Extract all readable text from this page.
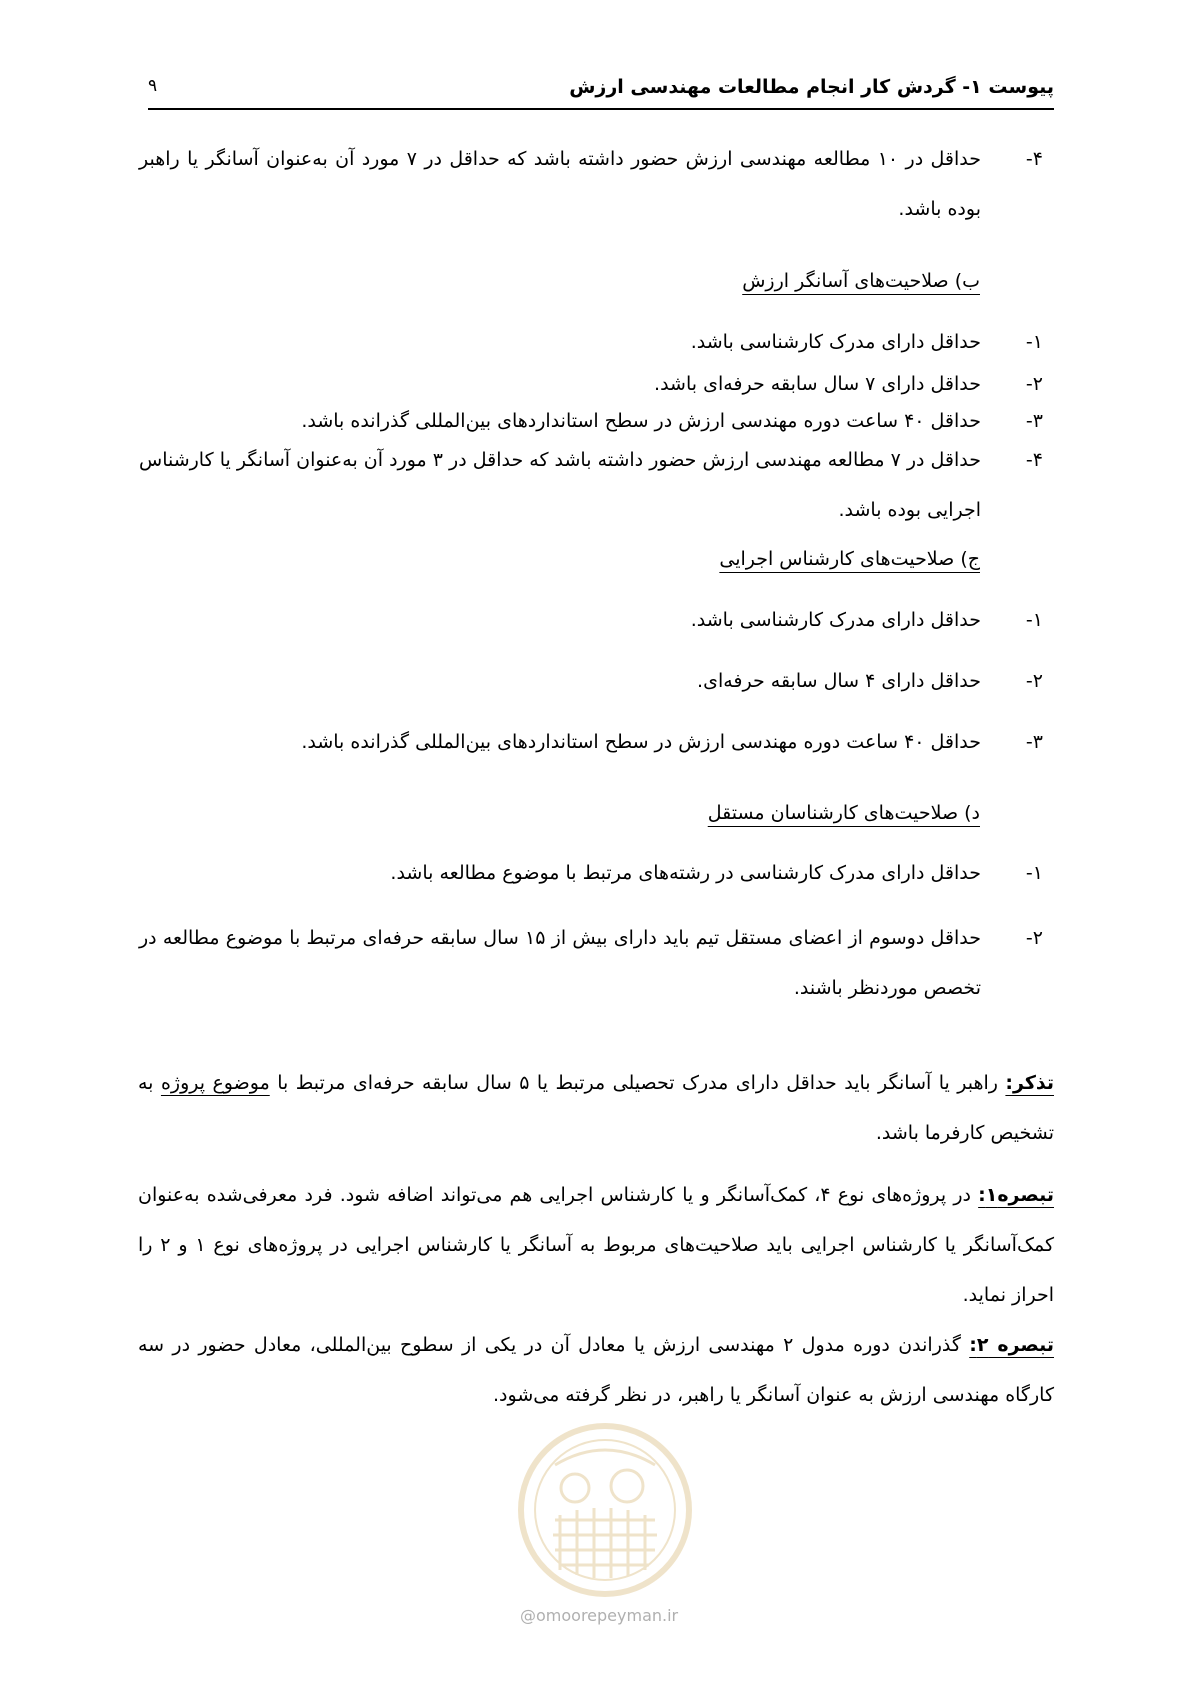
پیوست ۱- گردش کار انجام مطالعات مهندسی ارزش
۹
۴-
حداقل در ۱۰ مطالعه مهندسی ارزش حضور داشته باشد که حداقل در ۷ مورد آن به‌عنوان آسانگر یا راهبر بوده باشد.
ب) صلاحیت‌های آسانگر ارزش
۱-
حداقل دارای مدرک کارشناسی باشد.
۲-
حداقل دارای ۷ سال سابقه حرفه‌ای باشد.
۳-
حداقل ۴۰ ساعت دوره مهندسی ارزش در سطح استانداردهای بین‌المللی گذرانده باشد.
۴-
حداقل در ۷ مطالعه مهندسی ارزش حضور داشته باشد که حداقل در ۳ مورد آن به‌عنوان آسانگر یا کارشناس اجرایی بوده باشد.
ج) صلاحیت‌های کارشناس اجرایی
۱-
حداقل دارای مدرک کارشناسی باشد.
۲-
حداقل دارای ۴ سال سابقه حرفه‌ای.
۳-
حداقل ۴۰ ساعت دوره مهندسی ارزش در سطح استانداردهای بین‌المللی گذرانده باشد.
د) صلاحیت‌های کارشناسان مستقل
۱-
حداقل دارای مدرک کارشناسی در رشته‌های مرتبط با موضوع مطالعه باشد.
۲-
حداقل دوسوم از اعضای مستقل تیم باید دارای بیش از ۱۵ سال سابقه حرفه‌ای مرتبط با موضوع مطالعه در تخصص موردنظر باشند.
تذکر: راهبر یا آسانگر باید حداقل دارای مدرک تحصیلی مرتبط یا ۵ سال سابقه حرفه‌ای مرتبط با موضوع پروژه به تشخیص کارفرما باشد.
تبصره۱: در پروژه‌های نوع ۴، کمک‌آسانگر و یا کارشناس اجرایی هم می‌تواند اضافه شود. فرد معرفی‌شده به‌عنوان کمک‌آسانگر یا کارشناس اجرایی باید صلاحیت‌های مربوط به آسانگر یا کارشناس اجرایی در پروژه‌های نوع ۱ و ۲ را احراز نماید.
تبصره ۲: گذراندن دوره مدول ۲ مهندسی ارزش یا معادل آن در یکی از سطوح بین‌المللی، معادل حضور در سه کارگاه مهندسی ارزش به عنوان آسانگر یا راهبر، در نظر گرفته می‌شود.
@omoorepeyman.ir
